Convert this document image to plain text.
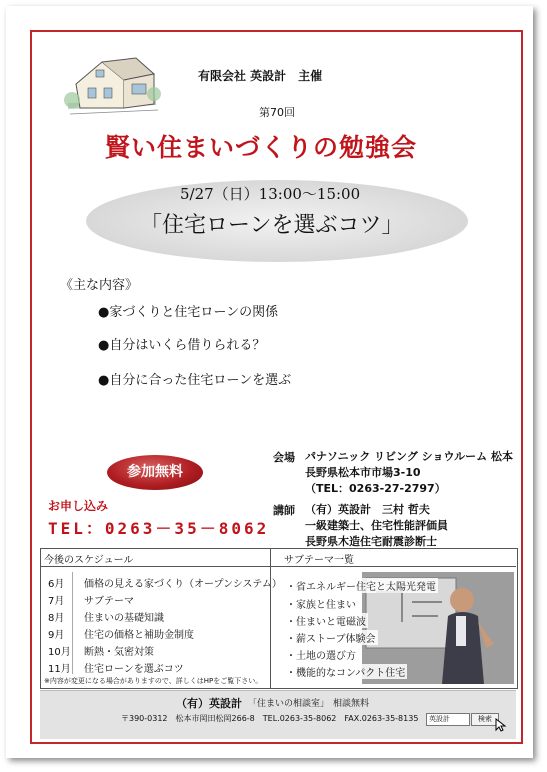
有限会社 英設計　主催
第70回
賢い住まいづくりの勉強会
5/27（日）13:00～15:00
「住宅ローンを選ぶコツ」
《主な内容》
●家づくりと住宅ローンの関係
●自分はいくら借りられる？
●自分に合った住宅ローンを選ぶ
参加無料
お申し込み
TEL：0263－35－8062
会場 パナソニック リビング ショウルーム 松本
長野県松本市市場3-10
（TEL：0263-27-2797）
講師 （有）英設計　三村 哲夫
一級建築士、住宅性能評価員
長野県木造住宅耐震診断士
今後のスケジュール
6月 価格の見える家づくり（オープンシステム）
7月 サブテーマ
8月 住まいの基礎知識
9月 住宅の価格と補助金制度
10月 断熱・気密対策
11月 住宅ローンを選ぶコツ
※内容が変更になる場合がありますので、詳しくはHPをご覧下さい。
サブテーマ一覧
・省エネルギー住宅と太陽光発電
・家族と住まい
・住まいと電磁波
・薪ストーブ体験会
・土地の選び方
・機能的なコンパクト住宅
（有）英設計 「住まいの相談室」 相談無料
〒390-0312　松本市岡田松岡266-8　TEL.0263-35-8062　FAX.0263-35-8135	英設計	検索
